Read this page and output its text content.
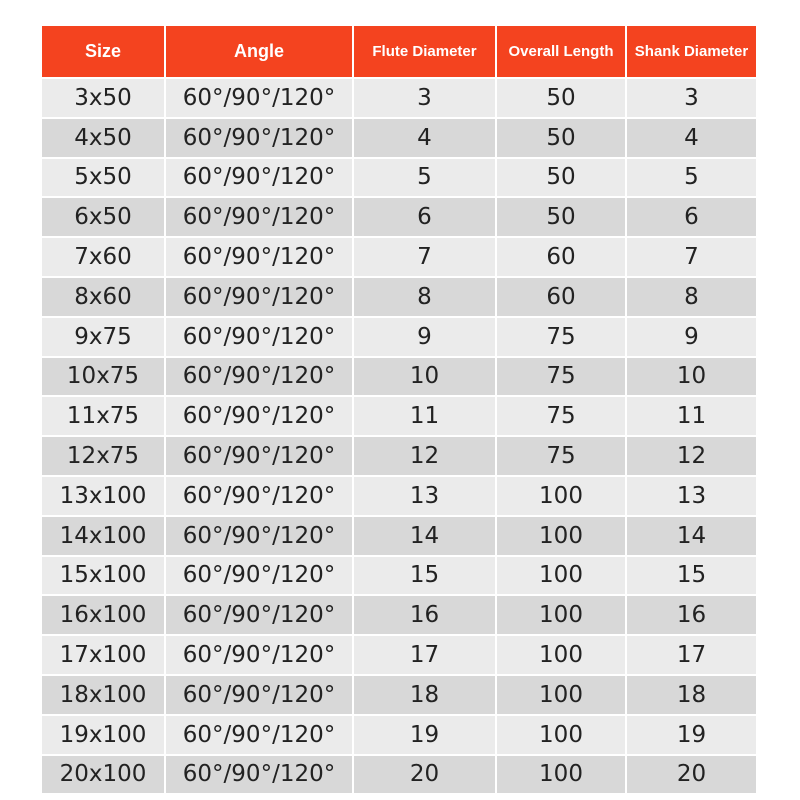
Size	Angle	Flute Diameter	Overall Length	Shank Diameter
3x50	60°/90°/120°	3	50	3
4x50	60°/90°/120°	4	50	4
5x50	60°/90°/120°	5	50	5
6x50	60°/90°/120°	6	50	6
7x60	60°/90°/120°	7	60	7
8x60	60°/90°/120°	8	60	8
9x75	60°/90°/120°	9	75	9
10x75	60°/90°/120°	10	75	10
11x75	60°/90°/120°	11	75	11
12x75	60°/90°/120°	12	75	12
13x100	60°/90°/120°	13	100	13
14x100	60°/90°/120°	14	100	14
15x100	60°/90°/120°	15	100	15
16x100	60°/90°/120°	16	100	16
17x100	60°/90°/120°	17	100	17
18x100	60°/90°/120°	18	100	18
19x100	60°/90°/120°	19	100	19
20x100	60°/90°/120°	20	100	20
